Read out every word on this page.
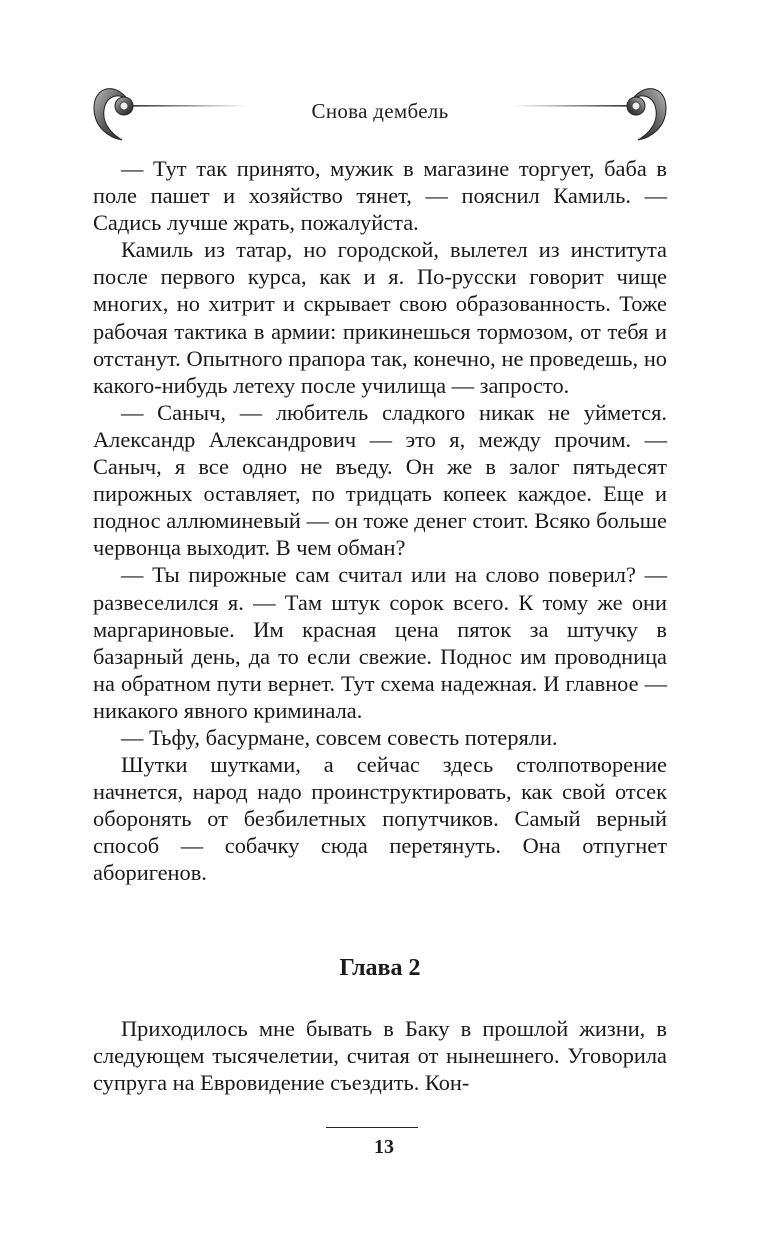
Снова дембель

— Тут так принято, мужик в магазине торгует, баба в поле пашет и хозяйство тянет, — пояснил Камиль. — Садись лучше жрать, пожалуйста.

Камиль из татар, но городской, вылетел из института после первого курса, как и я. По-русски говорит чище многих, но хитрит и скрывает свою образованность. Тоже рабочая тактика в армии: прикинешься тормозом, от тебя и отстанут. Опытного прапора так, конечно, не проведешь, но какого-нибудь летеху после училища — запросто.

— Саныч, — любитель сладкого никак не уймется. Александр Александрович — это я, между прочим. — Саныч, я все одно не въеду. Он же в залог пятьдесят пирожных оставляет, по тридцать копеек каждое. Еще и поднос аллюминевый — он тоже денег стоит. Всяко больше червонца выходит. В чем обман?

— Ты пирожные сам считал или на слово поверил? — развеселился я. — Там штук сорок всего. К тому же они маргариновые. Им красная цена пяток за штучку в базарный день, да то если свежие. Поднос им проводница на обратном пути вернет. Тут схема надежная. И главное — никакого явного криминала.

— Тьфу, басурмане, совсем совесть потеряли.

Шутки шутками, а сейчас здесь столпотворение начнется, народ надо проинструктировать, как свой отсек оборонять от безбилетных попутчиков. Самый верный способ — собачку сюда перетянуть. Она отпугнет аборигенов.

Глава 2

Приходилось мне бывать в Баку в прошлой жизни, в следующем тысячелетии, считая от нынешнего. Уговорила супруга на Евровидение съездить. Кон-

13
